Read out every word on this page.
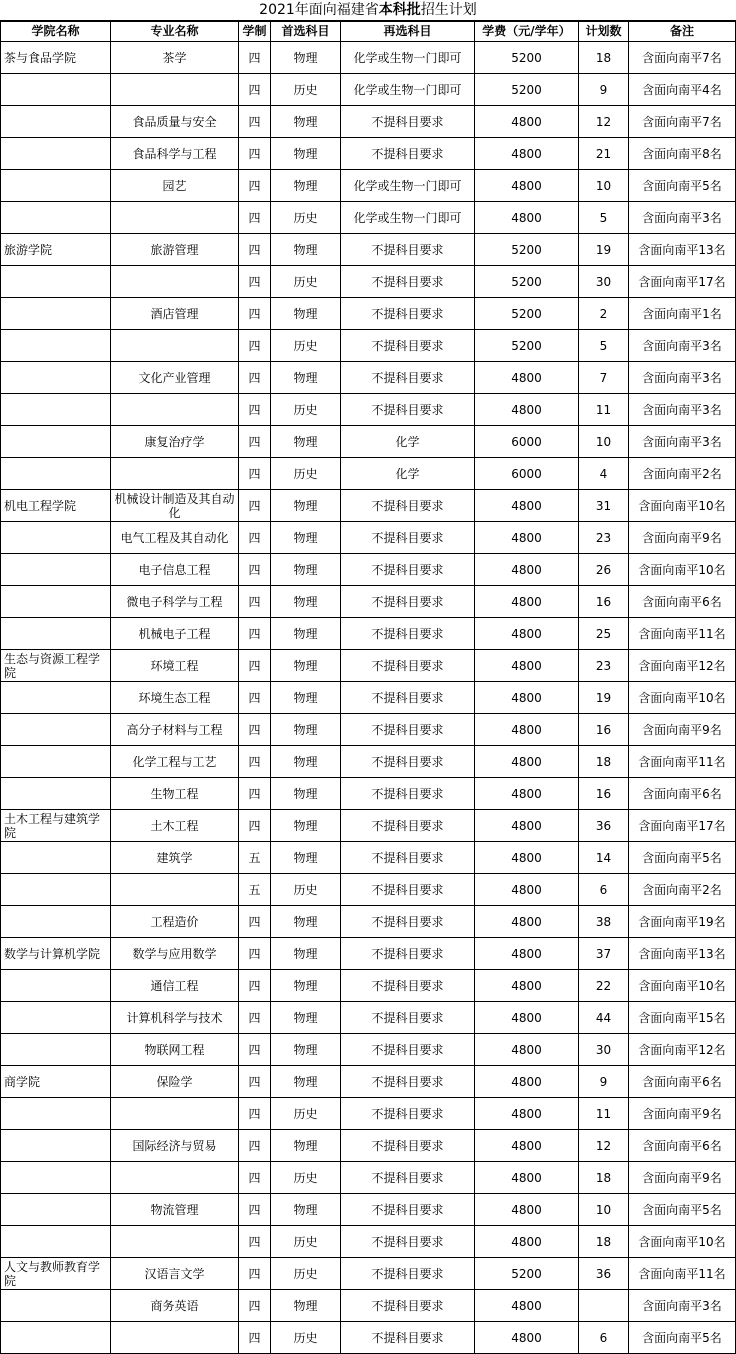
2021年面向福建省本科批招生计划
学院名称	专业名称	学制	首选科目	再选科目	学费（元/学年）	计划数	备注
茶与食品学院	茶学	四	物理	化学或生物一门即可	5200	18	含面向南平7名
		四	历史	化学或生物一门即可	5200	9	含面向南平4名
	食品质量与安全	四	物理	不提科目要求	4800	12	含面向南平7名
	食品科学与工程	四	物理	不提科目要求	4800	21	含面向南平8名
	园艺	四	物理	化学或生物一门即可	4800	10	含面向南平5名
		四	历史	化学或生物一门即可	4800	5	含面向南平3名
旅游学院	旅游管理	四	物理	不提科目要求	5200	19	含面向南平13名
		四	历史	不提科目要求	5200	30	含面向南平17名
	酒店管理	四	物理	不提科目要求	5200	2	含面向南平1名
		四	历史	不提科目要求	5200	5	含面向南平3名
	文化产业管理	四	物理	不提科目要求	4800	7	含面向南平3名
		四	历史	不提科目要求	4800	11	含面向南平3名
	康复治疗学	四	物理	化学	6000	10	含面向南平3名
		四	历史	化学	6000	4	含面向南平2名
机电工程学院	机械设计制造及其自动化	四	物理	不提科目要求	4800	31	含面向南平10名
	电气工程及其自动化	四	物理	不提科目要求	4800	23	含面向南平9名
	电子信息工程	四	物理	不提科目要求	4800	26	含面向南平10名
	微电子科学与工程	四	物理	不提科目要求	4800	16	含面向南平6名
	机械电子工程	四	物理	不提科目要求	4800	25	含面向南平11名
生态与资源工程学院	环境工程	四	物理	不提科目要求	4800	23	含面向南平12名
	环境生态工程	四	物理	不提科目要求	4800	19	含面向南平10名
	高分子材料与工程	四	物理	不提科目要求	4800	16	含面向南平9名
	化学工程与工艺	四	物理	不提科目要求	4800	18	含面向南平11名
	生物工程	四	物理	不提科目要求	4800	16	含面向南平6名
土木工程与建筑学院	土木工程	四	物理	不提科目要求	4800	36	含面向南平17名
	建筑学	五	物理	不提科目要求	4800	14	含面向南平5名
		五	历史	不提科目要求	4800	6	含面向南平2名
	工程造价	四	物理	不提科目要求	4800	38	含面向南平19名
数学与计算机学院	数学与应用数学	四	物理	不提科目要求	4800	37	含面向南平13名
	通信工程	四	物理	不提科目要求	4800	22	含面向南平10名
	计算机科学与技术	四	物理	不提科目要求	4800	44	含面向南平15名
	物联网工程	四	物理	不提科目要求	4800	30	含面向南平12名
商学院	保险学	四	物理	不提科目要求	4800	9	含面向南平6名
		四	历史	不提科目要求	4800	11	含面向南平9名
	国际经济与贸易	四	物理	不提科目要求	4800	12	含面向南平6名
		四	历史	不提科目要求	4800	18	含面向南平9名
	物流管理	四	物理	不提科目要求	4800	10	含面向南平5名
		四	历史	不提科目要求	4800	18	含面向南平10名
人文与教师教育学院	汉语言文学	四	历史	不提科目要求	5200	36	含面向南平11名
	商务英语	四	物理	不提科目要求	4800		含面向南平3名
		四	历史	不提科目要求	4800	6	含面向南平5名
